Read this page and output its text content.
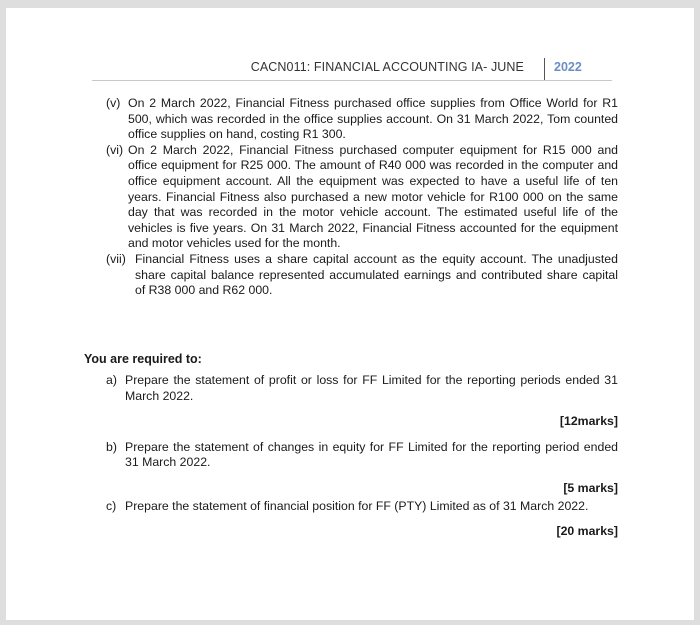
CACN011: FINANCIAL ACCOUNTING IA- JUNE 2022
(v) On 2 March 2022, Financial Fitness purchased office supplies from Office World for R1 500, which was recorded in the office supplies account. On 31 March 2022, Tom counted office supplies on hand, costing R1 300.
(vi) On 2 March 2022, Financial Fitness purchased computer equipment for R15 000 and office equipment for R25 000. The amount of R40 000 was recorded in the computer and office equipment account. All the equipment was expected to have a useful life of ten years. Financial Fitness also purchased a new motor vehicle for R100 000 on the same day that was recorded in the motor vehicle account. The estimated useful life of the vehicles is five years. On 31 March 2022, Financial Fitness accounted for the equipment and motor vehicles used for the month.
(vii) Financial Fitness uses a share capital account as the equity account. The unadjusted share capital balance represented accumulated earnings and contributed share capital of R38 000 and R62 000.
You are required to:
a) Prepare the statement of profit or loss for FF Limited for the reporting periods ended 31 March 2022.
[12marks]
b) Prepare the statement of changes in equity for FF Limited for the reporting period ended 31 March 2022.
[5 marks]
c) Prepare the statement of financial position for FF (PTY) Limited as of 31 March 2022.
[20 marks]
